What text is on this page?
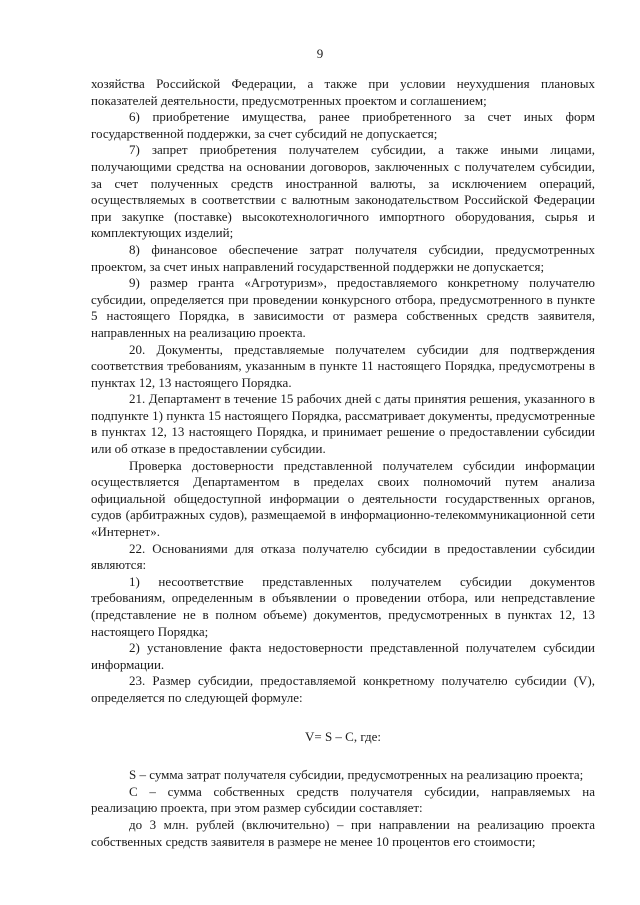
9

хозяйства Российской Федерации, а также при условии неухудшения плановых показателей деятельности, предусмотренных проектом и соглашением;

6) приобретение имущества, ранее приобретенного за счет иных форм государственной поддержки, за счет субсидий не допускается;

7) запрет приобретения получателем субсидии, а также иными лицами, получающими средства на основании договоров, заключенных с получателем субсидии, за счет полученных средств иностранной валюты, за исключением операций, осуществляемых в соответствии с валютным законодательством Российской Федерации при закупке (поставке) высокотехнологичного импортного оборудования, сырья и комплектующих изделий;

8) финансовое обеспечение затрат получателя субсидии, предусмотренных проектом, за счет иных направлений государственной поддержки не допускается;

9) размер гранта «Агротуризм», предоставляемого конкретному получателю субсидии, определяется при проведении конкурсного отбора, предусмотренного в пункте 5 настоящего Порядка, в зависимости от размера собственных средств заявителя, направленных на реализацию проекта.

20. Документы, представляемые получателем субсидии для подтверждения соответствия требованиям, указанным в пункте 11 настоящего Порядка, предусмотрены в пунктах 12, 13 настоящего Порядка.

21. Департамент в течение 15 рабочих дней с даты принятия решения, указанного в подпункте 1) пункта 15 настоящего Порядка, рассматривает документы, предусмотренные в пунктах 12, 13 настоящего Порядка, и принимает решение о предоставлении субсидии или об отказе в предоставлении субсидии.

Проверка достоверности представленной получателем субсидии информации осуществляется Департаментом в пределах своих полномочий путем анализа официальной общедоступной информации о деятельности государственных органов, судов (арбитражных судов), размещаемой в информационно-телекоммуникационной сети «Интернет».

22. Основаниями для отказа получателю субсидии в предоставлении субсидии являются:

1) несоответствие представленных получателем субсидии документов требованиям, определенным в объявлении о проведении отбора, или непредставление (представление не в полном объеме) документов, предусмотренных в пунктах 12, 13 настоящего Порядка;

2) установление факта недостоверности представленной получателем субсидии информации.

23. Размер субсидии, предоставляемой конкретному получателю субсидии (V), определяется по следующей формуле:

V= S – C, где:

S – сумма затрат получателя субсидии, предусмотренных на реализацию проекта;

C – сумма собственных средств получателя субсидии, направляемых на реализацию проекта, при этом размер субсидии составляет:

до 3 млн. рублей (включительно) – при направлении на реализацию проекта собственных средств заявителя в размере не менее 10 процентов его стоимости;
